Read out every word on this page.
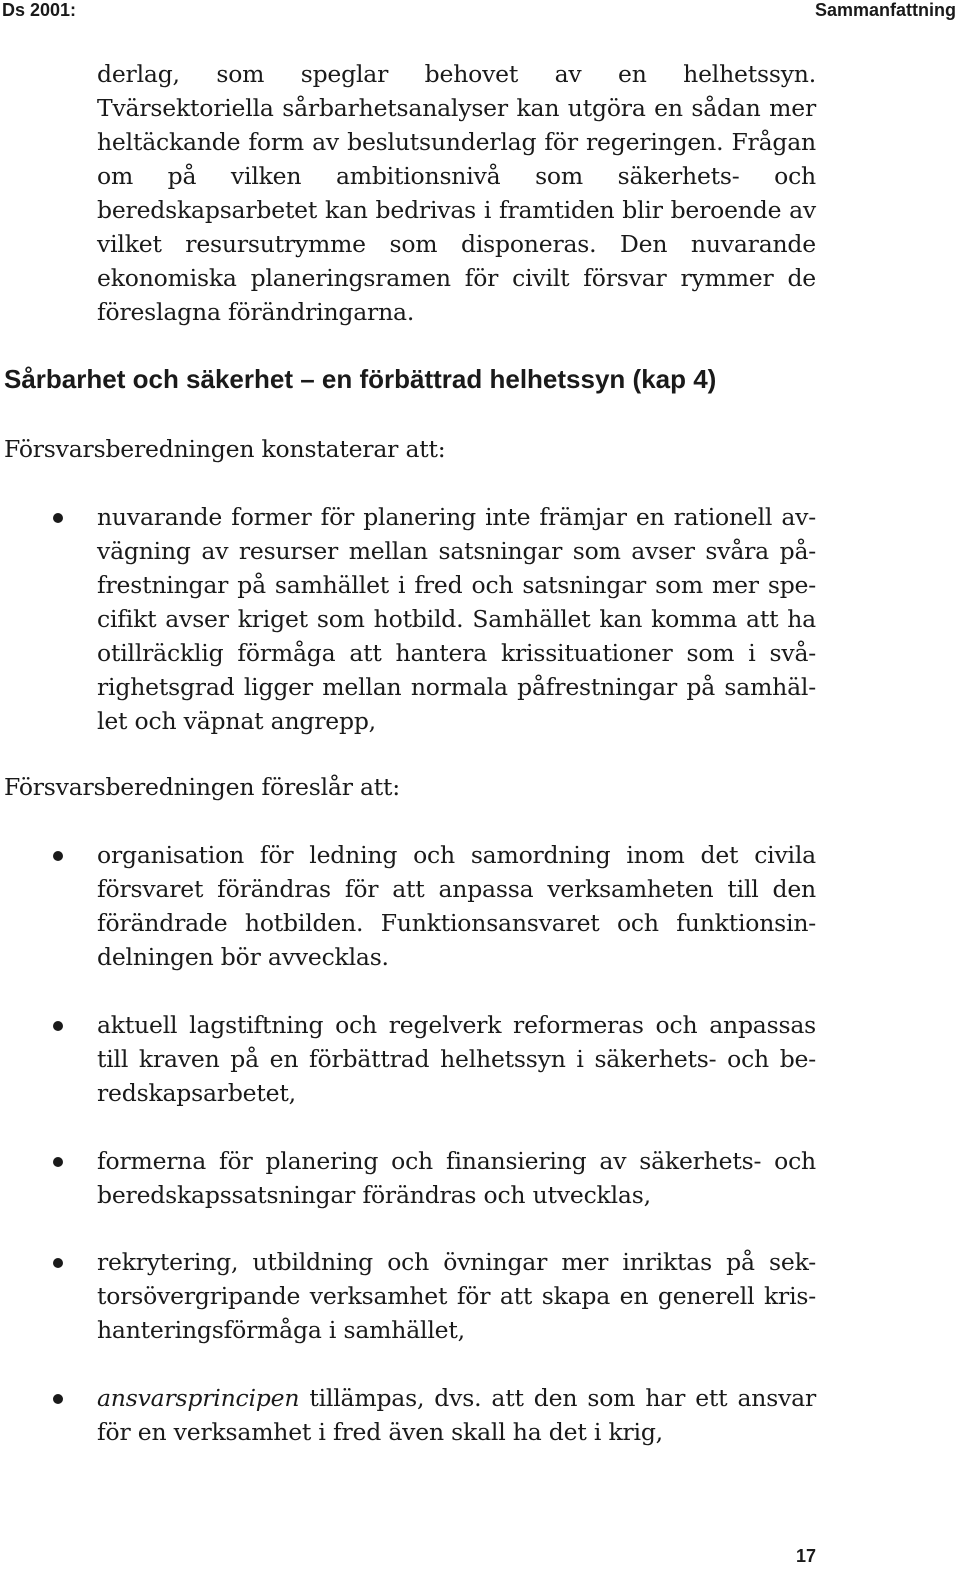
Ds 2001:	Sammanfattning
derlag, som speglar behovet av en helhetssyn.
Tvärsektoriella sårbarhetsanalyser kan utgöra en sådan mer
heltäckande form av beslutsunderlag för regeringen. Frågan
om på vilken ambitionsnivå som säkerhets- och
beredskapsarbetet kan bedrivas i framtiden blir beroende av
vilket resursutrymme som disponeras. Den nuvarande
ekonomiska planeringsramen för civilt försvar rymmer de
föreslagna förändringarna.
Sårbarhet och säkerhet – en förbättrad helhetssyn (kap 4)
Försvarsberedningen konstaterar att:
nuvarande former för planering inte främjar en rationell av-
vägning av resurser mellan satsningar som avser svåra på-
frestningar på samhället i fred och satsningar som mer spe-
cifikt avser kriget som hotbild. Samhället kan komma att ha
otillräcklig förmåga att hantera krissituationer som i svå-
righetsgrad ligger mellan normala påfrestningar på samhäl-
let och väpnat angrepp,
Försvarsberedningen föreslår att:
organisation för ledning och samordning inom det civila
försvaret förändras för att anpassa verksamheten till den
förändrade hotbilden. Funktionsansvaret och funktionsin-
delningen bör avvecklas.
aktuell lagstiftning och regelverk reformeras och anpassas
till kraven på en förbättrad helhetssyn i säkerhets- och be-
redskapsarbetet,
formerna för planering och finansiering av säkerhets- och
beredskapssatsningar förändras och utvecklas,
rekrytering, utbildning och övningar mer inriktas på sek-
torsövergripande verksamhet för att skapa en generell kris-
hanteringsförmåga i samhället,
ansvarsprincipen tillämpas, dvs. att den som har ett ansvar
för en verksamhet i fred även skall ha det i krig,
17
